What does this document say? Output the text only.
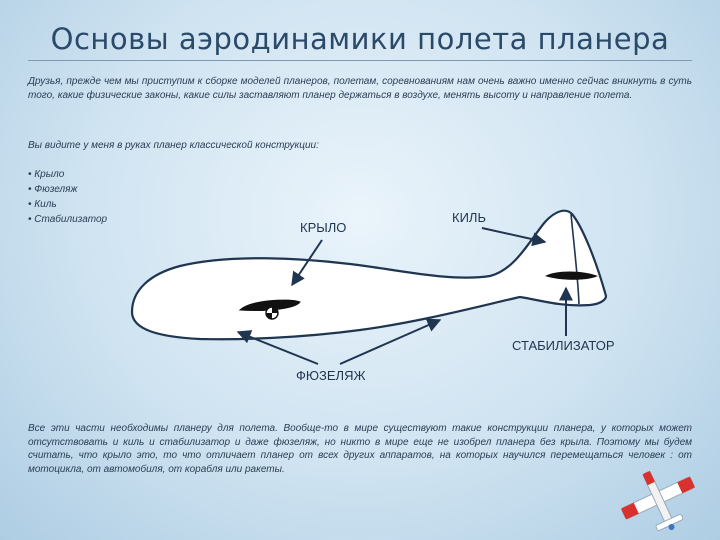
Основы аэродинамики полета планера
Друзья, прежде чем мы приступим к сборке моделей планеров, полетам, соревнованиям нам очень важно именно сейчас вникнуть в суть того, какие физические законы, какие силы заставляют планер держаться в воздухе, менять высоту и направление полета.
Вы видите у меня в руках планер классической конструкции:
• Крыло
• Фюзеляж
• Киль
• Стабилизатор
КРЫЛО
КИЛЬ
СТАБИЛИЗАТОР
ФЮЗЕЛЯЖ
Все эти части необходимы планеру для полета. Вообще-то в мире существуют такие конструкции планера, у которых может отсутствовать и киль и стабилизатор и даже фюзеляж, но никто в мире еще не изобрел планера без крыла. Поэтому мы будем считать, что крыло это, то что отличает планер от всех других аппаратов, на которых научился перемещаться человек : от мотоцикла, от автомобиля, от корабля или ракеты.
